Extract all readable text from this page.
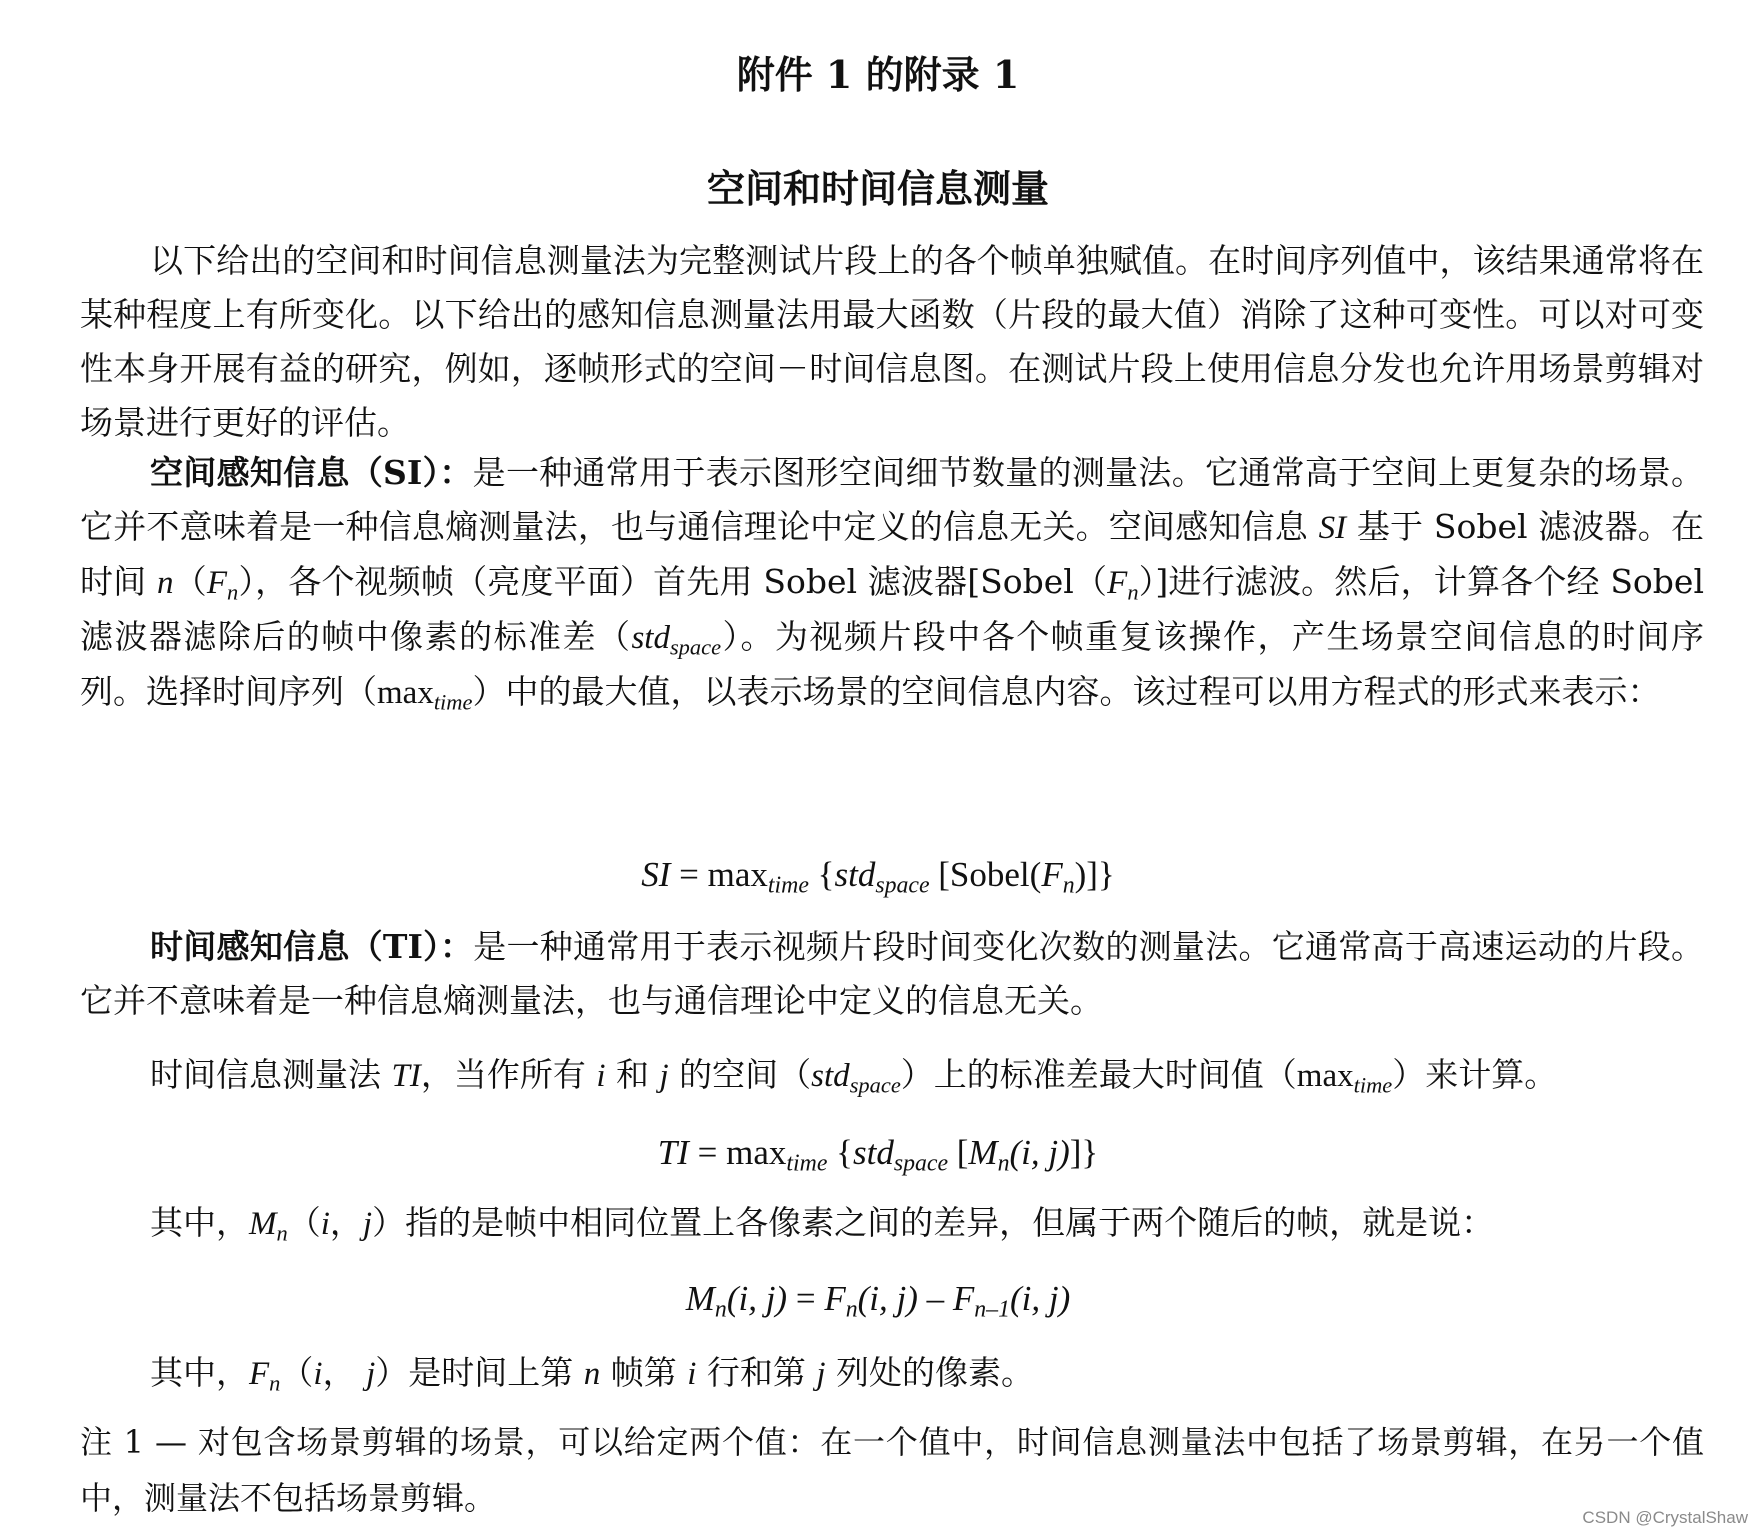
附件 1 的附录 1
空间和时间信息测量

以下给出的空间和时间信息测量法为完整测试片段上的各个帧单独赋值。在时间序列值中，该结果通常将在某种程度上有所变化。以下给出的感知信息测量法用最大函数（片段的最大值）消除了这种可变性。可以对可变性本身开展有益的研究，例如，逐帧形式的空间－时间信息图。在测试片段上使用信息分发也允许用场景剪辑对场景进行更好的评估。

空间感知信息（SI）：是一种通常用于表示图形空间细节数量的测量法。它通常高于空间上更复杂的场景。它并不意味着是一种信息熵测量法，也与通信理论中定义的信息无关。空间感知信息 SI 基于 Sobel 滤波器。在时间 $n(F_n)$，各个视频帧（亮度平面）首先用 Sobel 滤波器$[Sobel(F_n)]$进行滤波。然后，计算各个经 Sobel 滤波器滤除后的帧中像素的标准差（std$_{space}$）。为视频片段中各个帧重复该操作，产生场景空间信息的时间序列。选择时间序列$(\max_{time})$中的最大值，以表示场景的空间信息内容。该过程可以用方程式的形式来表示：

SI = $\max_{time} \{std_{space}$ $[Sobel(F_n)]$}

时间感知信息（TI）：是一种通常用于表示视频片段时间变化次数的测量法。它通常高于高速运动的片段。它并不意味着是一种信息熵测量法，也与通信理论中定义的信息无关。

时间信息测量法 TI，当作所有 i 和 j 的空间（std$_{space}$）上的标准差最大时间值$(\max_{time})$来计算。

TI = $\max_{time} \{std_{space}$ [$M_n(i$, j)]}

其中，$M_n(i$，j）指的是帧中相同位置上各像素之间的差异，但属于两个随后的帧，就是说：

$M_n(i$, $j) = F_n(i$, $j) - F_{n-1}(i$, j)

其中，$F_n(i$， j）是时间上第 n 帧第 i 行和第 j 列处的像素。

注 1 — 对包含场景剪辑的场景，可以给定两个值：在一个值中，时间信息测量法中包括了场景剪辑，在另一个值中，测量法不包括场景剪辑。

CSDN @CrystalShaw
